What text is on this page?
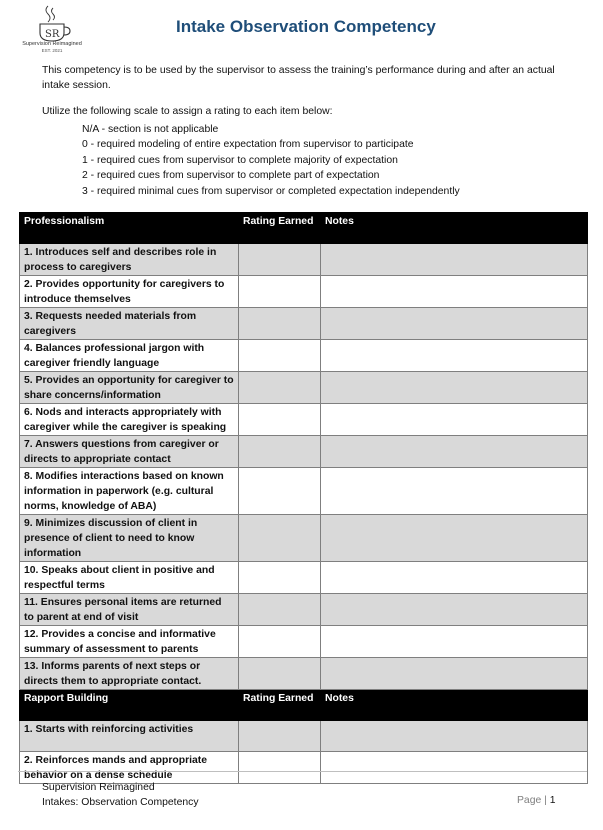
SR
Supervision Reimagined
EST. 2021
Intake Observation Competency
This competency is to be used by the supervisor to assess the training’s performance during and after an actual intake session.
Utilize the following scale to assign a rating to each item below:
N/A - section is not applicable
0 - required modeling of entire expectation from supervisor to participate
1 - required cues from supervisor to complete majority of expectation
2 - required cues from supervisor to complete part of expectation
3 - required minimal cues from supervisor or completed expectation independently
Professionalism	Rating Earned	Notes
1. Introduces self and describes role in process to caregivers		
2. Provides opportunity for caregivers to introduce themselves		
3. Requests needed materials from caregivers		
4. Balances professional jargon with caregiver friendly language		
5. Provides an opportunity for caregiver to share concerns/information		
6. Nods and interacts appropriately with caregiver while the caregiver is speaking		
7. Answers questions from caregiver or directs to appropriate contact		
8. Modifies interactions based on known information in paperwork (e.g. cultural norms, knowledge of ABA)		
9. Minimizes discussion of client in presence of client to need to know information		
10. Speaks about client in positive and respectful terms		
11. Ensures personal items are returned to parent at end of visit		
12. Provides a concise and informative summary of assessment to parents		
13. Informs parents of next steps or directs them to appropriate contact.		
Rapport Building	Rating Earned	Notes
1. Starts with reinforcing activities		
2. Reinforces mands and appropriate behavior on a dense schedule		
Supervision Reimagined
Intakes: Observation Competency	Page | 1
